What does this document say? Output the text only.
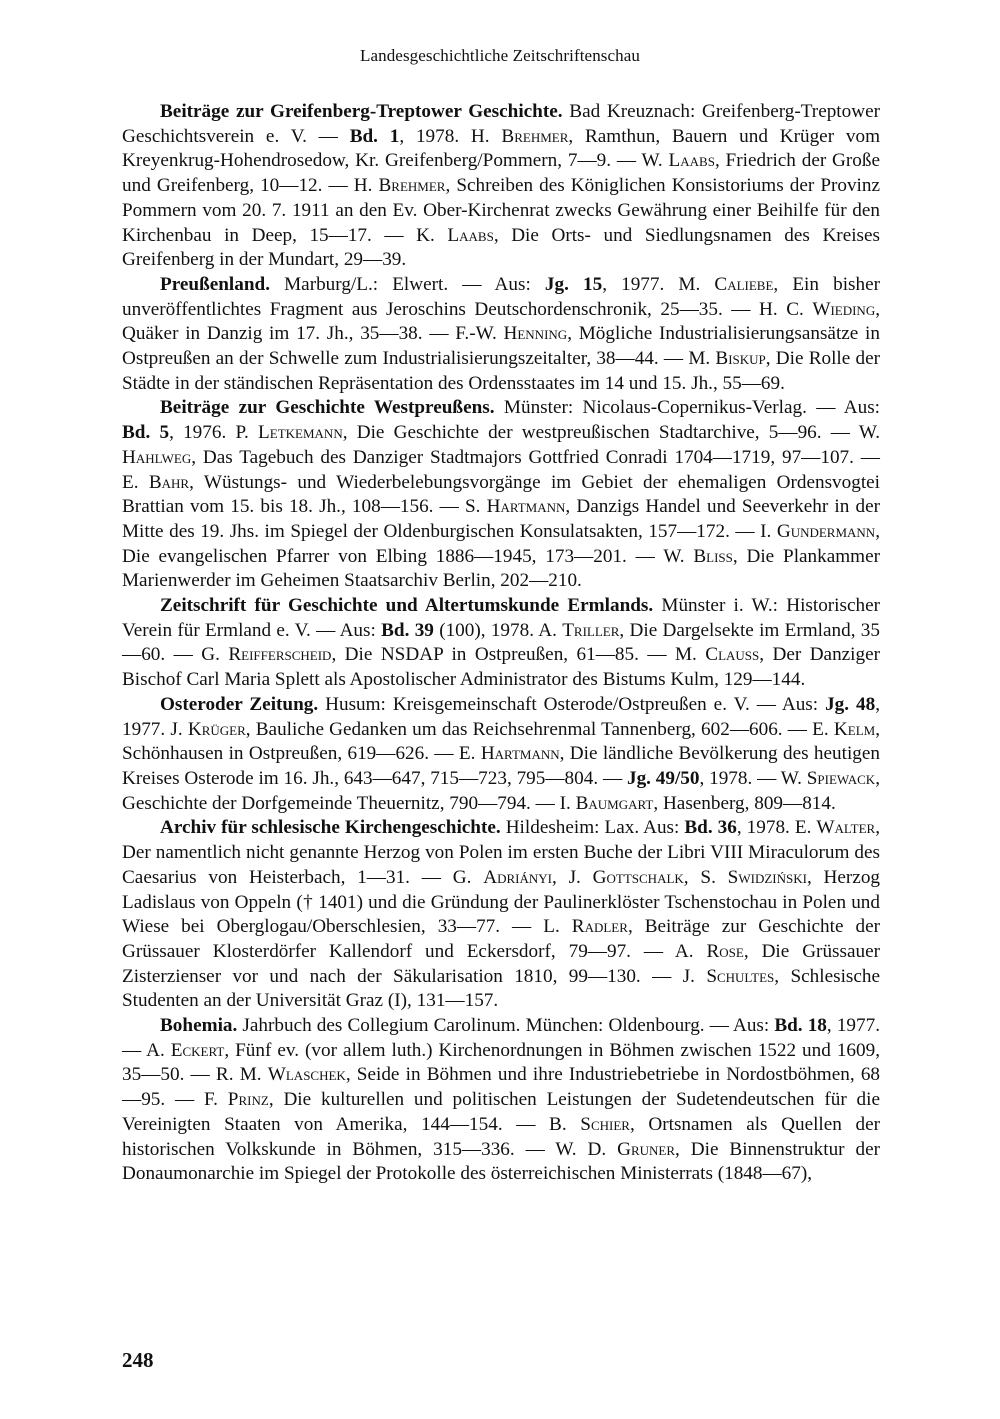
Landesgeschichtliche Zeitschriftenschau

Beiträge zur Greifenberg-Treptower Geschichte. Bad Kreuznach: Greifenberg-Treptower Geschichtsverein e. V. — Bd. 1, 1978. H. Brehmer, Ramthun, Bauern und Krüger vom Kreyenkrug-Hohendrosedow, Kr. Greifenberg/Pommern, 7—9. — W. Laabs, Friedrich der Große und Greifenberg, 10—12. — H. Brehmer, Schreiben des Königlichen Konsistoriums der Provinz Pommern vom 20. 7. 1911 an den Ev. Ober-Kirchenrat zwecks Gewährung einer Beihilfe für den Kirchenbau in Deep, 15—17. — K. Laabs, Die Orts- und Siedlungsnamen des Kreises Greifenberg in der Mundart, 29—39.

Preußenland. Marburg/L.: Elwert. — Aus: Jg. 15, 1977. M. Caliebe, Ein bisher unveröffentlichtes Fragment aus Jeroschins Deutschordenschronik, 25—35. — H. C. Wieding, Quäker in Danzig im 17. Jh., 35—38. — F.-W. Henning, Mögliche Industrialisierungsansätze in Ostpreußen an der Schwelle zum Industrialisierungszeitalter, 38—44. — M. Biskup, Die Rolle der Städte in der ständischen Repräsentation des Ordensstaates im 14 und 15. Jh., 55—69.

Beiträge zur Geschichte Westpreußens. Münster: Nicolaus-Copernikus-Verlag. — Aus: Bd. 5, 1976. P. Letkemann, Die Geschichte der westpreußischen Stadtarchive, 5—96. — W. Hahlweg, Das Tagebuch des Danziger Stadtmajors Gottfried Conradi 1704—1719, 97—107. — E. Bahr, Wüstungs- und Wiederbelebungsvorgänge im Gebiet der ehemaligen Ordensvogtei Brattian vom 15. bis 18. Jh., 108—156. — S. Hartmann, Danzigs Handel und Seeverkehr in der Mitte des 19. Jhs. im Spiegel der Oldenburgischen Konsulatsakten, 157—172. — I. Gundermann, Die evangelischen Pfarrer von Elbing 1886—1945, 173—201. — W. Bliss, Die Plankammer Marienwerder im Geheimen Staatsarchiv Berlin, 202—210.

Zeitschrift für Geschichte und Altertumskunde Ermlands. Münster i. W.: Historischer Verein für Ermland e. V. — Aus: Bd. 39 (100), 1978. A. Triller, Die Dargelsekte im Ermland, 35—60. — G. Reifferscheid, Die NSDAP in Ostpreußen, 61—85. — M. Clauss, Der Danziger Bischof Carl Maria Splett als Apostolischer Administrator des Bistums Kulm, 129—144.

Osteroder Zeitung. Husum: Kreisgemeinschaft Osterode/Ostpreußen e. V. — Aus: Jg. 48, 1977. J. Krüger, Bauliche Gedanken um das Reichsehrenmal Tannenberg, 602—606. — E. Kelm, Schönhausen in Ostpreußen, 619—626. — E. Hartmann, Die ländliche Bevölkerung des heutigen Kreises Osterode im 16. Jh., 643—647, 715—723, 795—804. — Jg. 49/50, 1978. — W. Spiewack, Geschichte der Dorfgemeinde Theuernitz, 790—794. — I. Baumgart, Hasenberg, 809—814.

Archiv für schlesische Kirchengeschichte. Hildesheim: Lax. Aus: Bd. 36, 1978. E. Walter, Der namentlich nicht genannte Herzog von Polen im ersten Buche der Libri VIII Miraculorum des Caesarius von Heisterbach, 1—31. — G. Adriányi, J. Gottschalk, S. Swidziński, Herzog Ladislaus von Oppeln († 1401) und die Gründung der Paulinerklöster Tschenstochau in Polen und Wiese bei Oberglogau/Oberschlesien, 33—77. — L. Radler, Beiträge zur Geschichte der Grüssauer Klosterdörfer Kallendorf und Eckersdorf, 79—97. — A. Rose, Die Grüssauer Zisterzienser vor und nach der Säkularisation 1810, 99—130. — J. Schultes, Schlesische Studenten an der Universität Graz (I), 131—157.

Bohemia. Jahrbuch des Collegium Carolinum. München: Oldenbourg. — Aus: Bd. 18, 1977. — A. Eckert, Fünf ev. (vor allem luth.) Kirchenordnungen in Böhmen zwischen 1522 und 1609, 35—50. — R. M. Wlaschek, Seide in Böhmen und ihre Industriebetriebe in Nordostböhmen, 68—95. — F. Prinz, Die kulturellen und politischen Leistungen der Sudetendeutschen für die Vereinigten Staaten von Amerika, 144—154. — B. Schier, Ortsnamen als Quellen der historischen Volkskunde in Böhmen, 315—336. — W. D. Gruner, Die Binnenstruktur der Donaumonarchie im Spiegel der Protokolle des österreichischen Ministerrats (1848—67),

248
